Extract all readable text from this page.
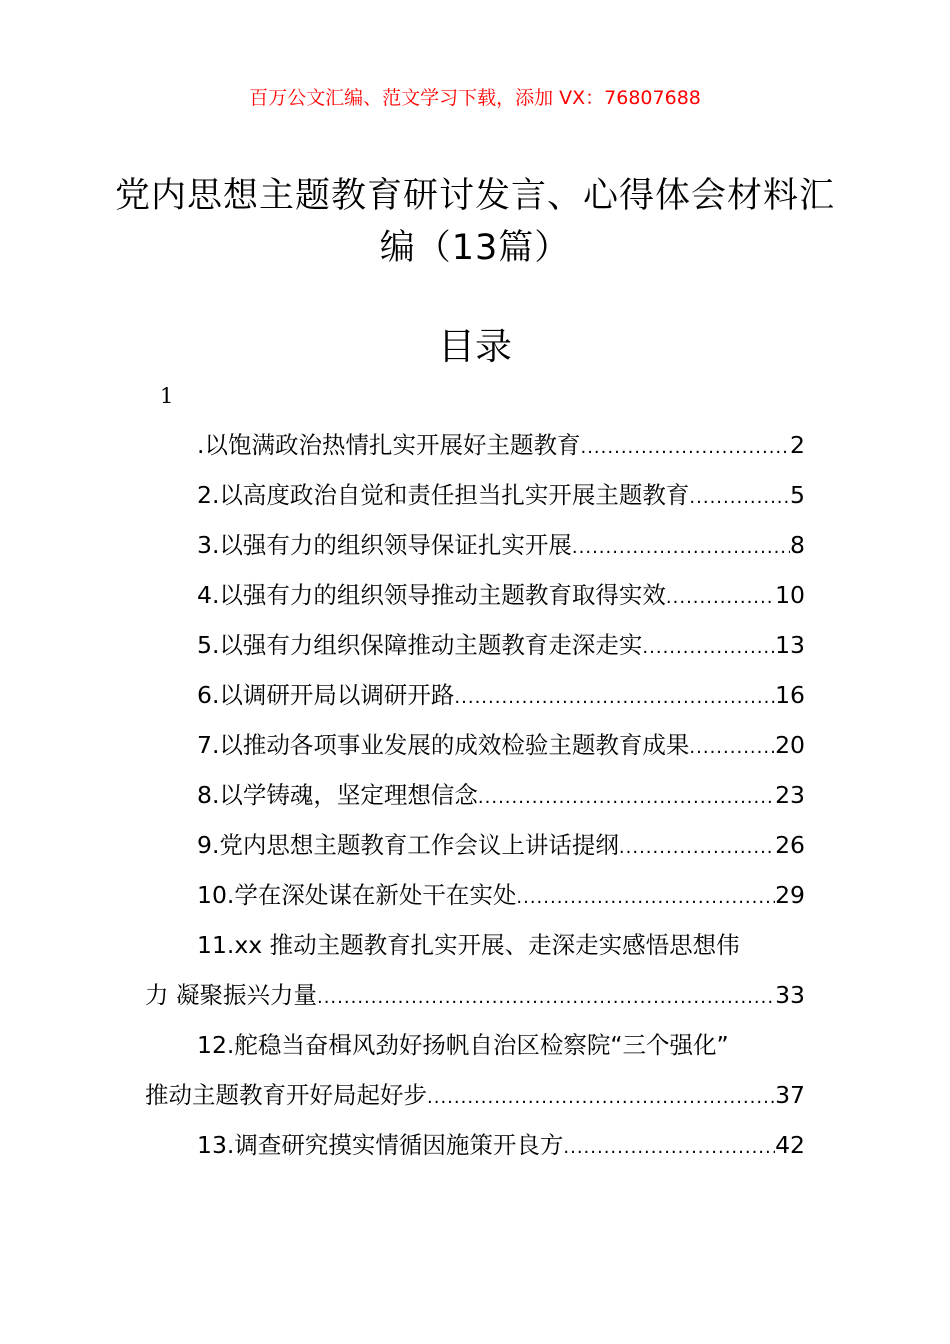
百万公文汇编、范文学习下载，添加 VX：76807688
党内思想主题教育研讨发言、心得体会材料汇编（13篇）
目录
1
.以饱满政治热情扎实开展好主题教育 .....	2
2.以高度政治自觉和责任担当扎实开展主题教育 .....	5
3.以强有力的组织领导保证扎实开展 .....	8
4.以强有力的组织领导推动主题教育取得实效 .....	10
5.以强有力组织保障推动主题教育走深走实 .....	13
6.以调研开局以调研开路 .....	16
7.以推动各项事业发展的成效检验主题教育成果 .....	20
8.以学铸魂，坚定理想信念 .....	23
9.党内思想主题教育工作会议上讲话提纲 .....	26
10.学在深处谋在新处干在实处 .....	29
11.xx 推动主题教育扎实开展、走深走实感悟思想伟
力 凝聚振兴力量 .....	33
12.舵稳当奋楫风劲好扬帆自治区检察院“三个强化”
推动主题教育开好局起好步 .....	37
13.调查研究摸实情循因施策开良方 .....	42
